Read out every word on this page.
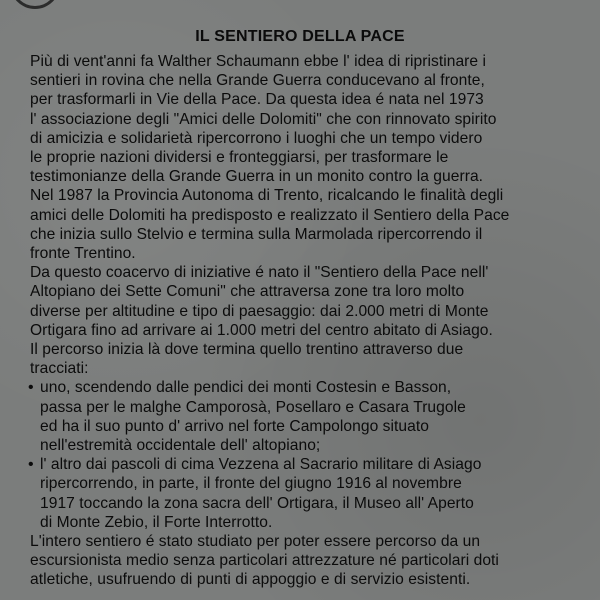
IL SENTIERO DELLA PACE

Più di vent'anni fa Walther Schaumann ebbe l' idea di ripristinare i
sentieri in rovina che nella Grande Guerra conducevano al fronte,
per trasformarli in Vie della Pace. Da questa idea é nata nel 1973
l' associazione degli "Amici delle Dolomiti" che con rinnovato spirito
di amicizia e solidarietà ripercorrono i luoghi che un tempo videro
le proprie nazioni dividersi e fronteggiarsi, per trasformare le
testimonianze della Grande Guerra in un monito contro la guerra.

Nel 1987 la Provincia Autonoma di Trento, ricalcando le finalità degli
amici delle Dolomiti ha predisposto e realizzato il Sentiero della Pace
che inizia sullo Stelvio e termina sulla Marmolada ripercorrendo il
fronte Trentino.

Da questo coacervo di iniziative é nato il "Sentiero della Pace nell'
Altopiano dei Sette Comuni" che attraversa zone tra loro molto
diverse per altitudine e tipo di paesaggio: dai 2.000 metri di Monte
Ortigara fino ad arrivare ai 1.000 metri del centro abitato di Asiago.
Il percorso inizia là dove termina quello trentino attraverso due
tracciati:

• uno, scendendo dalle pendici dei monti Costesin e Basson,
passa per le malghe Camporosà, Posellaro e Casara Trugole
ed ha il suo punto d' arrivo nel forte Campolongo situato
nell'estremità occidentale dell' altopiano;
• l' altro dai pascoli di cima Vezzena al Sacrario militare di Asiago
ripercorrendo, in parte, il fronte del giugno 1916 al novembre
1917 toccando la zona sacra dell' Ortigara, il Museo all' Aperto
di Monte Zebio, il Forte Interrotto.

L'intero sentiero é stato studiato per poter essere percorso da un
escursionista medio senza particolari attrezzature né particolari doti
atletiche, usufruendo di punti di appoggio e di servizio esistenti.
